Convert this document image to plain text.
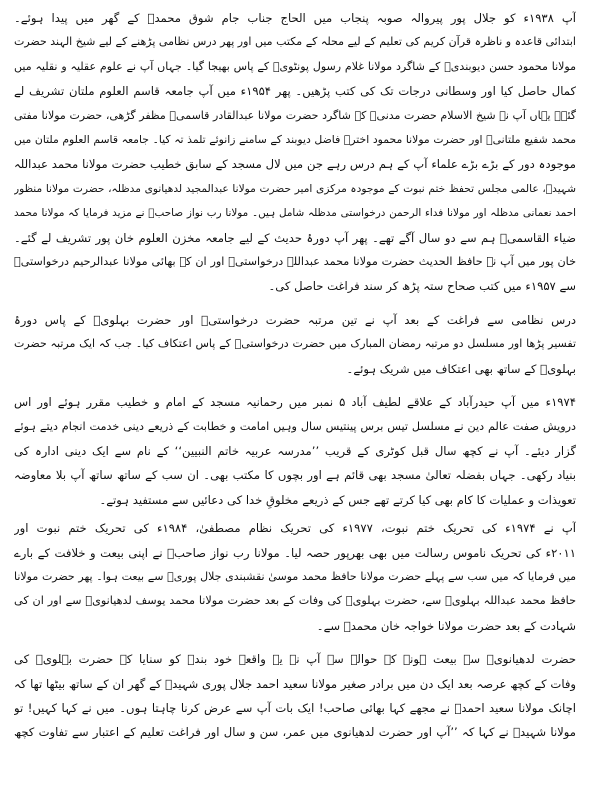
آپ ۱۹۳۸ء کو جلال پور پیروالہ صوبہ پنجاب میں الحاج جناب جام شوق محمدؒ کے گھر میں پیدا ہوئے۔
ابتدائی قاعدہ و ناظرہ قرآن کریم کی تعلیم کے لیے محلہ کے مکتب میں اور پھر درس نظامی پڑھنے کے لیے شیخ الہند حضرت
مولانا محمود حسن دیوبندیؒ کے شاگرد مولانا غلام رسول پونٹویؒ کے پاس بھیجا گیا۔ جہاں آپ نے علوم عقلیہ و نقلیہ میں
کمال حاصل کیا اور وسطانی درجات تک کی کتب پڑھیں۔ پھر ۱۹۵۴ء میں آپ جامعہ قاسم العلوم ملتان تشریف لے
گئے۔ یہاں آپ نے شیخ الاسلام حضرت مدنیؒ کے شاگرد حضرت مولانا عبدالقادر قاسمیؒ مظفر گڑھی، حضرت مولانا مفتی
محمد شفیع ملتانیؒ اور حضرت مولانا محمود اخترؒ فاضل دیوبند کے سامنے زانوئے تلمذ تہ کیا۔ جامعہ قاسم العلوم ملتان میں
موجودہ دور کے بڑے بڑے علماء آپ کے ہم درس رہے جن میں لال مسجد کے سابق خطیب حضرت مولانا محمد عبداللہ
شہیدؒ، عالمی مجلس تحفظ ختم نبوت کے موجودہ مرکزی امیر حضرت مولانا عبدالمجید لدھیانوی مدظلہ، حضرت مولانا منظور
احمد نعمانی مدظلہ اور مولانا فداء الرحمن درخواستی مدظلہ شامل ہیں۔ مولانا رب نواز صاحبؒ نے مزید فرمایا کہ مولانا محمد
ضیاء القاسمیؒ ہم سے دو سال آگے تھے۔ پھر آپ دورۂ حدیث کے لیے جامعہ مخزن العلوم خان پور تشریف لے گئے۔
خان پور میں آپ نے حافظ الحدیث حضرت مولانا محمد عبداللہ درخواستیؒ اور ان کے بھائی مولانا عبدالرحیم درخواستیؒ
سے ۱۹۵۷ء میں کتب صحاح ستہ پڑھ کر سند فراغت حاصل کی۔
درس نظامی سے فراغت کے بعد آپ نے تین مرتبہ حضرت درخواستیؒ اور حضرت بہلویؒ کے پاس دورۂ
تفسیر پڑھا اور مسلسل دو مرتبہ رمضان المبارک میں حضرت درخواستیؒ کے پاس اعتکاف کیا۔ جب کہ ایک مرتبہ حضرت
بہلویؒ کے ساتھ بھی اعتکاف میں شریک ہوئے۔
۱۹۷۴ء میں آپ حیدرآباد کے علاقے لطیف آباد ۵ نمبر میں رحمانیہ مسجد کے امام و خطیب مقرر ہوئے اور اس
درویش صفت عالم دین نے مسلسل تیس برس پینتیس سال وہیں امامت و خطابت کے ذریعے دینی خدمت انجام دیتے ہوئے
گزار دیئے۔ آپ نے کچھ سال قبل کوٹری کے قریب ’’مدرسہ عربیہ خاتم النبیین‘‘ کے نام سے ایک دینی ادارہ کی
بنیاد رکھی۔ جہاں بفضلہ تعالیٰ مسجد بھی قائم ہے اور بچوں کا مکتب بھی۔ ان سب کے ساتھ ساتھ آپ بلا معاوضہ
تعویذات و عملیات کا کام بھی کیا کرتے تھے جس کے ذریعے مخلوقِ خدا کی دعائیں سے مستفید ہوتے۔
آپ نے ۱۹۷۴ء کی تحریک ختم نبوت، ۱۹۷۷ء کی تحریک نظام مصطفیٰ، ۱۹۸۴ء کی تحریک ختم نبوت اور
۲۰۱۱ء کی تحریک ناموس رسالت میں بھی بھرپور حصہ لیا۔ مولانا رب نواز صاحبؒ نے اپنی بیعت و خلافت کے بارے
میں فرمایا کہ میں سب سے پہلے حضرت مولانا حافظ محمد موسیٰ نقشبندی جلال پوریؒ سے بیعت ہوا۔ پھر حضرت مولانا
حافظ محمد عبداللہ بہلویؒ سے، حضرت بہلویؒ کی وفات کے بعد حضرت مولانا محمد یوسف لدھیانویؒ سے اور ان کی
شہادت کے بعد حضرت مولانا خواجہ خان محمدؒ سے۔
حضرت لدھیانویؒ سے بیعت ہونے کے حوالے سے آپ نے یہ واقعہ خود بندہ کو سنایا کہ حضرت بہلویؒ کی
وفات کے کچھ عرصہ بعد ایک دن میں برادر صغیر مولانا سعید احمد جلال پوری شہیدؒ کے گھر ان کے ساتھ بیٹھا تھا کہ
اچانک مولانا سعید احمدؒ نے مجھے کہا بھائی صاحب! ایک بات آپ سے عرض کرنا چاہتا ہوں۔ میں نے کہا کہیں! تو
مولانا شہیدؒ نے کہا کہ ’’آپ اور حضرت لدھیانوی میں عمر، سن و سال اور فراغت تعلیم کے اعتبار سے تفاوت کچھ
